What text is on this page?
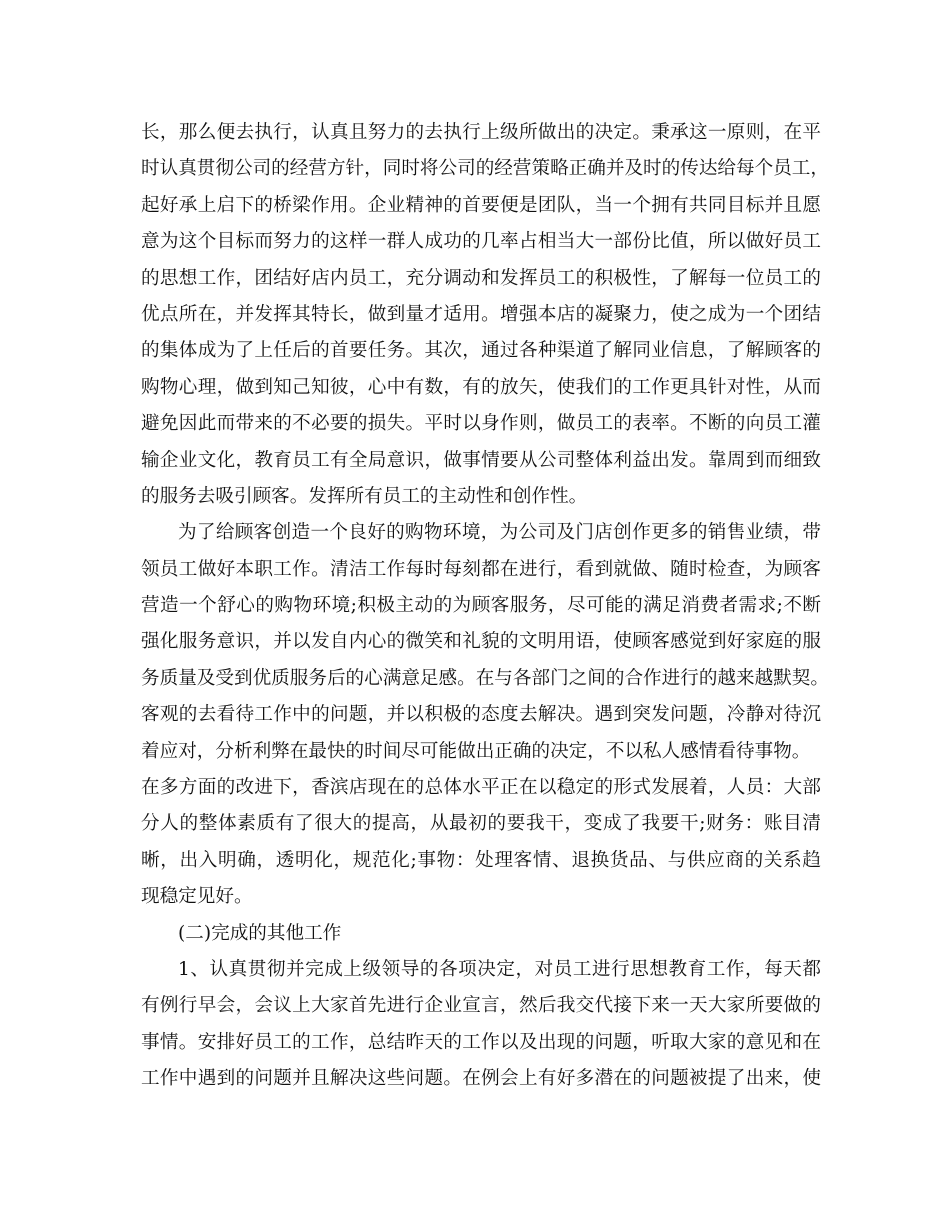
长，那么便去执行，认真且努力的去执行上级所做出的决定。秉承这一原则，在平
时认真贯彻公司的经营方针，同时将公司的经营策略正确并及时的传达给每个员工，
起好承上启下的桥梁作用。企业精神的首要便是团队，当一个拥有共同目标并且愿
意为这个目标而努力的这样一群人成功的几率占相当大一部份比值，所以做好员工
的思想工作，团结好店内员工，充分调动和发挥员工的积极性，了解每一位员工的
优点所在，并发挥其特长，做到量才适用。增强本店的凝聚力，使之成为一个团结
的集体成为了上任后的首要任务。其次，通过各种渠道了解同业信息，了解顾客的
购物心理，做到知己知彼，心中有数，有的放矢，使我们的工作更具针对性，从而
避免因此而带来的不必要的损失。平时以身作则，做员工的表率。不断的向员工灌
输企业文化，教育员工有全局意识，做事情要从公司整体利益出发。靠周到而细致
的服务去吸引顾客。发挥所有员工的主动性和创作性。
为了给顾客创造一个良好的购物环境，为公司及门店创作更多的销售业绩，带
领员工做好本职工作。清洁工作每时每刻都在进行，看到就做、随时检查，为顾客
营造一个舒心的购物环境;积极主动的为顾客服务，尽可能的满足消费者需求;不断
强化服务意识，并以发自内心的微笑和礼貌的文明用语，使顾客感觉到好家庭的服
务质量及受到优质服务后的心满意足感。在与各部门之间的合作进行的越来越默契。
客观的去看待工作中的问题，并以积极的态度去解决。遇到突发问题，冷静对待沉
着应对，分析利弊在最快的时间尽可能做出正确的决定，不以私人感情看待事物。
在多方面的改进下，香滨店现在的总体水平正在以稳定的形式发展着，人员：大部
分人的整体素质有了很大的提高，从最初的要我干，变成了我要干;财务：账目清
晰，出入明确，透明化，规范化;事物：处理客情、退换货品、与供应商的关系趋
现稳定见好。
(二)完成的其他工作
1、认真贯彻并完成上级领导的各项决定，对员工进行思想教育工作，每天都
有例行早会，会议上大家首先进行企业宣言，然后我交代接下来一天大家所要做的
事情。安排好员工的工作，总结昨天的工作以及出现的问题，听取大家的意见和在
工作中遇到的问题并且解决这些问题。在例会上有好多潜在的问题被提了出来，使
